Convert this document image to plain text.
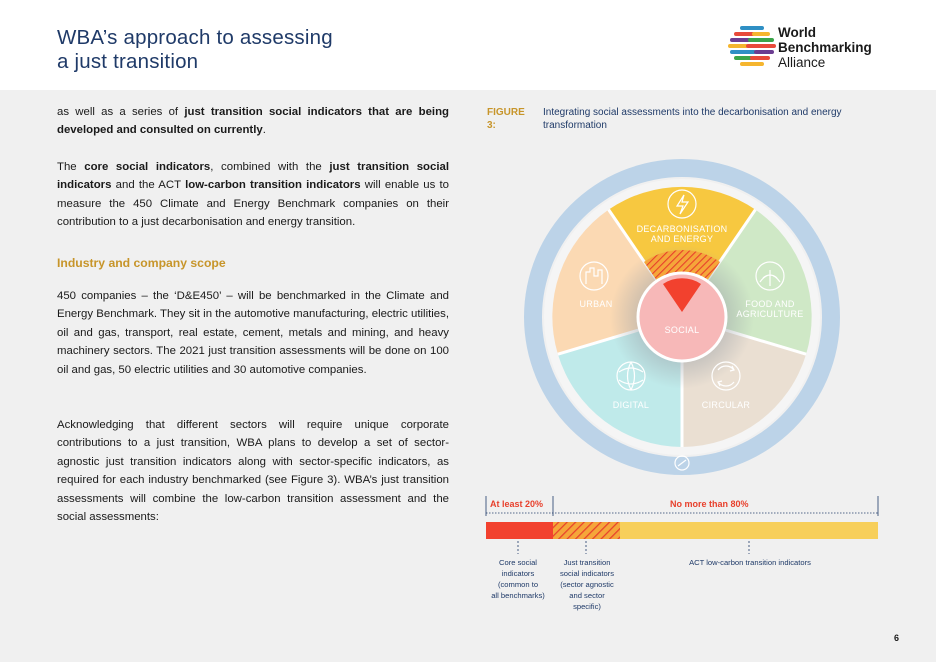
WBA’s approach to assessing
a just transition
World
Benchmarking
Alliance

as well as a series of just transition social indicators that are being developed and consulted on currently.

The core social indicators, combined with the just transition social indicators and the ACT low-carbon transition indicators will enable us to measure the 450 Climate and Energy Benchmark companies on their contribution to a just decarbonisation and energy transition.

Industry and company scope

450 companies – the ‘D&E450’ – will be benchmarked in the Climate and Energy Benchmark. They sit in the automotive manufacturing, electric utilities, oil and gas, transport, real estate, cement, metals and mining, and heavy machinery sectors. The 2021 just transition assessments will be done on 100 oil and gas, 50 electric utilities and 30 automotive companies.

Acknowledging that different sectors will require unique corporate contributions to a just transition, WBA plans to develop a set of sector-agnostic just transition indicators along with sector-specific indicators, as required for each industry benchmarked (see Figure 3). WBA’s just transition assessments will combine the low-carbon transition assessment and the social assessments:

FIGURE 3:
Integrating social assessments into the decarbonisation and energy transformation
DECARBONISATION
AND ENERGY
URBAN	FOOD AND
AGRICULTURE
DIGITAL	CIRCULAR
SOCIAL
At least 20%	No more than 80%
Core social
indicators
(common to
all benchmarks)
Just transition
social indicators
(sector agnostic
and sector
specific)
ACT low-carbon transition indicators
6
